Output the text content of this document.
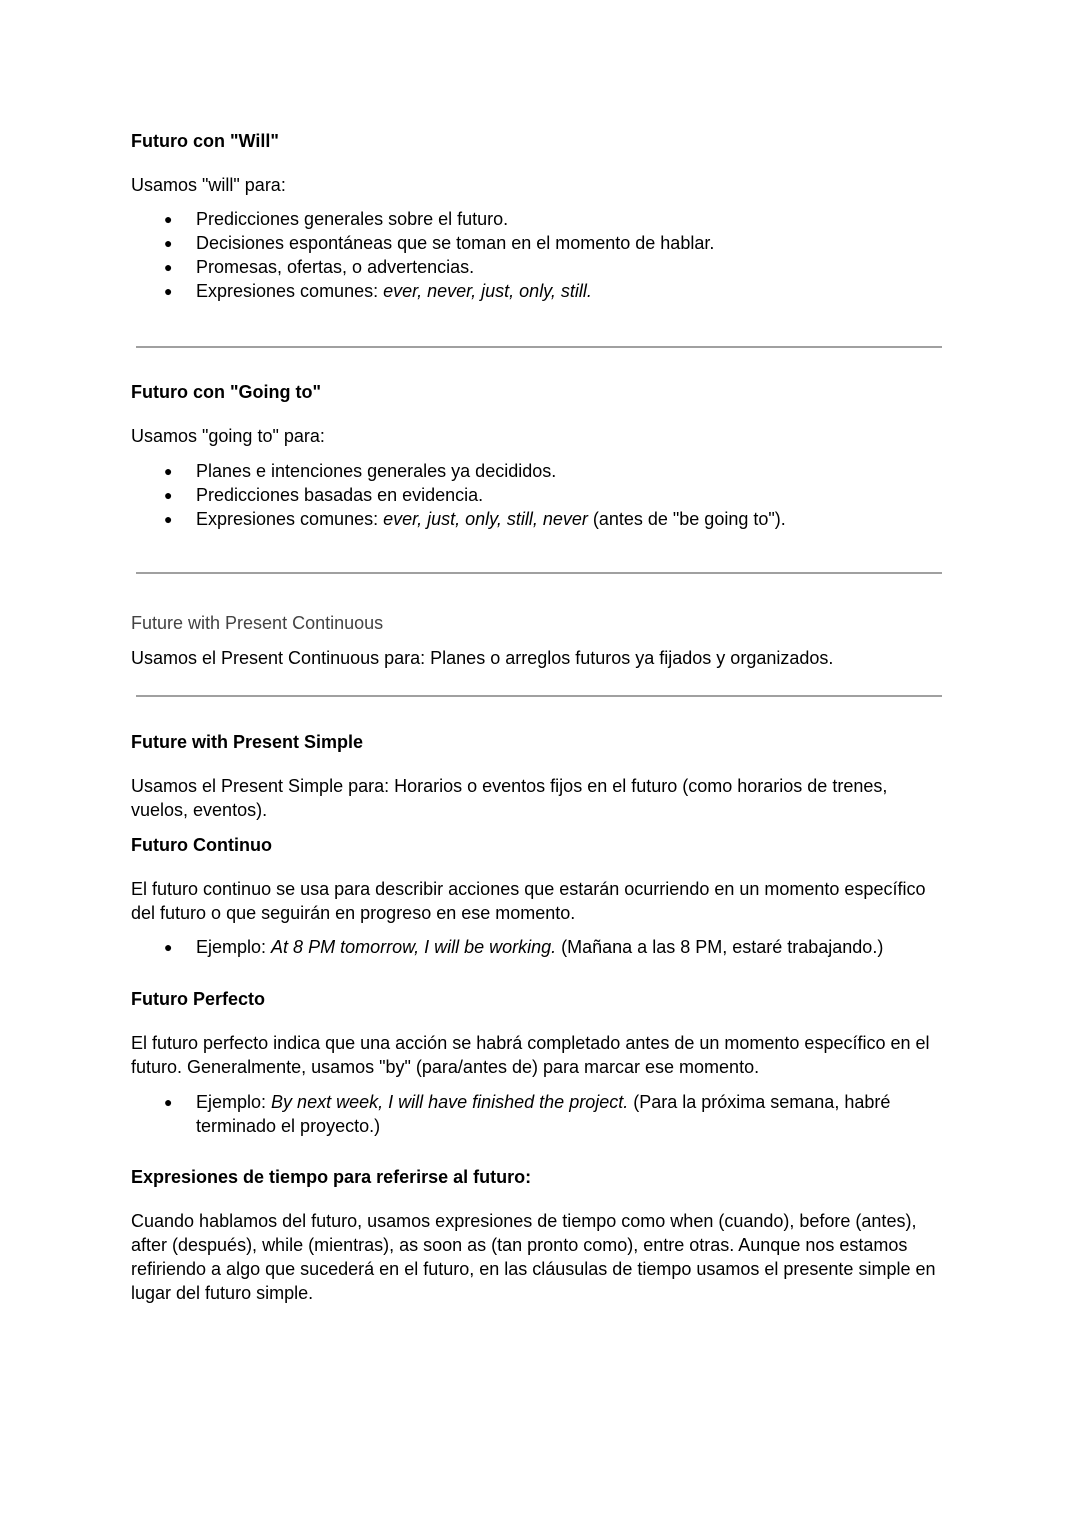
Futuro con "Will"
Usamos "will" para:
● Predicciones generales sobre el futuro.
● Decisiones espontáneas que se toman en el momento de hablar.
● Promesas, ofertas, o advertencias.
● Expresiones comunes: ever, never, just, only, still.
Futuro con "Going to"
Usamos "going to" para:
● Planes e intenciones generales ya decididos.
● Predicciones basadas en evidencia.
● Expresiones comunes: ever, just, only, still, never (antes de "be going to").
Future with Present Continuous
Usamos el Present Continuous para: Planes o arreglos futuros ya fijados y organizados.
Future with Present Simple
Usamos el Present Simple para: Horarios o eventos fijos en el futuro (como horarios de trenes, vuelos, eventos).
Futuro Continuo
El futuro continuo se usa para describir acciones que estarán ocurriendo en un momento específico del futuro o que seguirán en progreso en ese momento.
● Ejemplo: At 8 PM tomorrow, I will be working. (Mañana a las 8 PM, estaré trabajando.)
Futuro Perfecto
El futuro perfecto indica que una acción se habrá completado antes de un momento específico en el futuro. Generalmente, usamos "by" (para/antes de) para marcar ese momento.
● Ejemplo: By next week, I will have finished the project. (Para la próxima semana, habré terminado el proyecto.)
Expresiones de tiempo para referirse al futuro:
Cuando hablamos del futuro, usamos expresiones de tiempo como when (cuando), before (antes), after (después), while (mientras), as soon as (tan pronto como), entre otras. Aunque nos estamos refiriendo a algo que sucederá en el futuro, en las cláusulas de tiempo usamos el presente simple en lugar del futuro simple.
